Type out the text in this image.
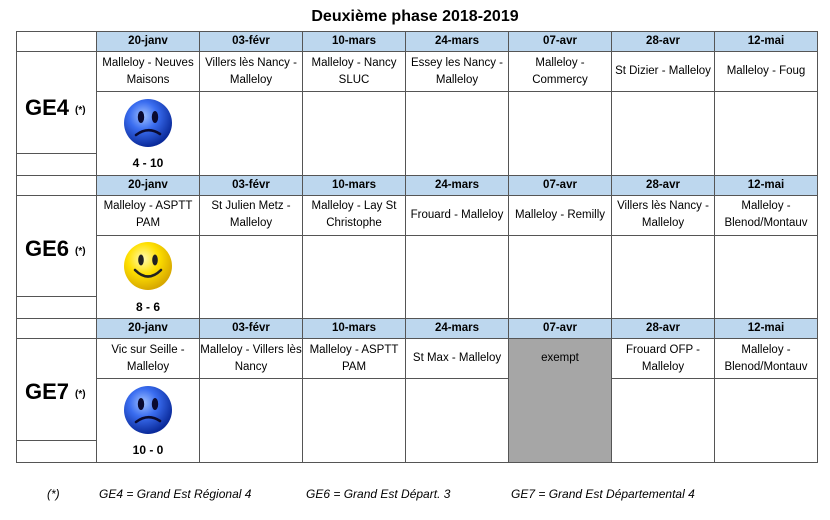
Deuxième phase 2018-2019
	20-janv	03-févr	10-mars	24-mars	07-avr	28-avr	12-mai

GE4 (*)	Malleloy - Neuves Maisons	Villers lès Nancy - Malleloy	Malleloy - Nancy SLUC	Essey les Nancy - Malleloy	Malleloy - Commercy	St Dizier - Malleloy	Malleloy - Foug

	4 - 10						
	20-janv	03-févr	10-mars	24-mars	07-avr	28-avr	12-mai

GE6 (*)	Malleloy - ASPTT PAM	St Julien Metz - Malleloy	Malleloy - Lay St Christophe	Frouard - Malleloy	Malleloy - Remilly	Villers lès Nancy - Malleloy	Malleloy - Blenod/Montauv

	8 - 6						
	20-janv	03-févr	10-mars	24-mars	07-avr	28-avr	12-mai

GE7 (*)	Vic sur Seille - Malleloy	Malleloy - Villers lès Nancy	Malleloy - ASPTT PAM	St Max - Malleloy	exempt	Frouard OFP - Malleloy	Malleloy - Blenod/Montauv

	10 - 0						
(*)	GE4 = Grand Est Régional 4	GE6 = Grand Est Départ. 3	GE7 = Grand Est Départemental 4
